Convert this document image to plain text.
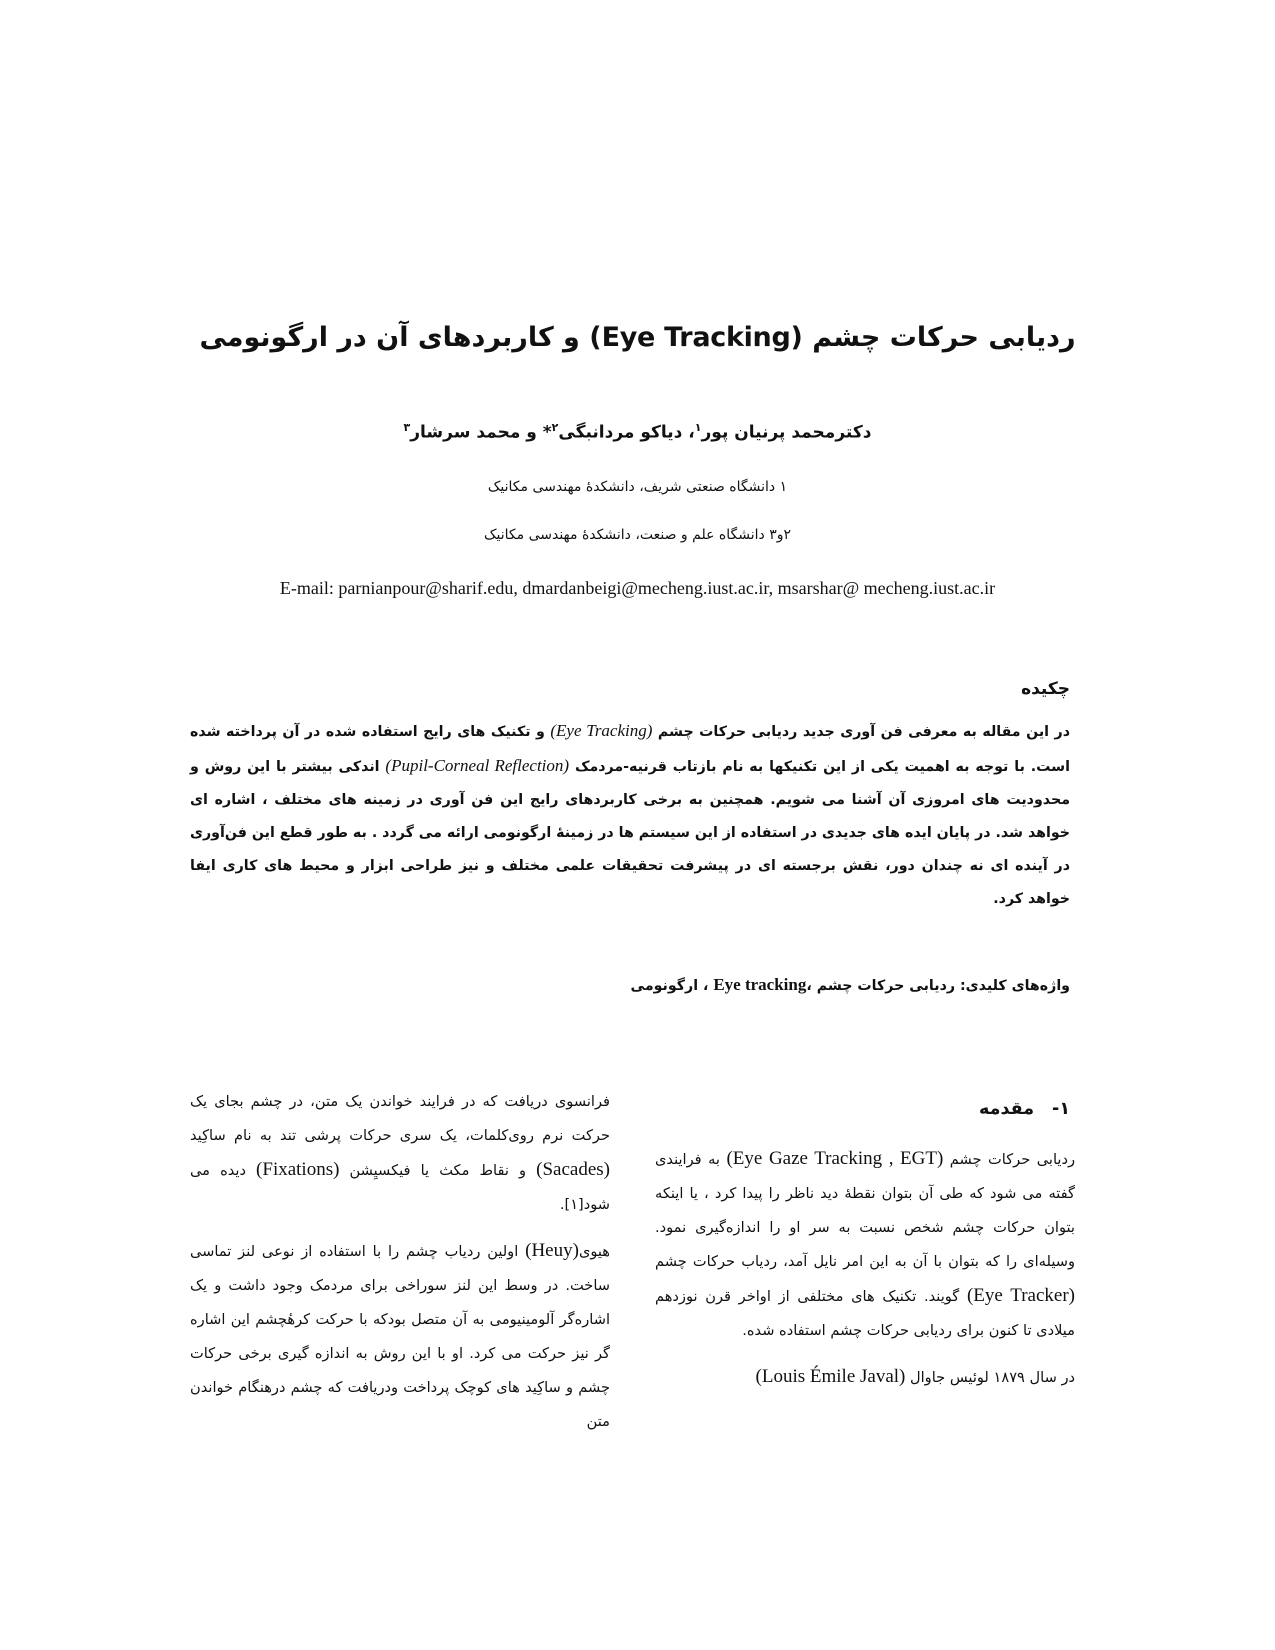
ردیابی حرکات چشم (Eye Tracking) و کاربردهای آن در ارگونومی
دکترمحمد پرنیان پور$^۱$، دیاکو مردانبگی$^۲$* و محمد سرشار$^۳$
۱ دانشگاه صنعتی شریف، دانشکدهٔ مهندسی مکانیک
۲و۳ دانشگاه علم و صنعت، دانشکدهٔ مهندسی مکانیک
E-mail: parnianpour@sharif.edu, dmardanbeigi@mecheng.iust.ac.ir, msarshar@ mecheng.iust.ac.ir
چکیده
در این مقاله به معرفی فن آوری جدید ردیابی حرکات چشم (Eye Tracking) و تکنیک های رایج استفاده شده در آن پرداخته شده است. با توجه به اهمیت یکی از این تکنیکها به نام بازتاب قرنیه-مردمک (Pupil-Corneal Reflection) اندکی بیشتر با این روش و محدودیت های امروزی آن آشنا می شویم. همچنین به برخی کاربردهای رایج این فن آوری در زمینه های مختلف ، اشاره ای خواهد شد. در پایان ایده های جدیدی در استفاده از این سیستم ها در زمینهٔ ارگونومی ارائه می گردد . به طور قطع این فن‌آوری در آینده ای نه چندان دور، نقش برجسته ای در پیشرفت تحقیقات علمی مختلف و نیز طراحی ابزار و محیط های کاری ایفا خواهد کرد.
واژه‌های کلیدی: ردیابی حرکات چشم ،Eye tracking ، ارگونومی
۱-مقدمه

ردیابی حرکات چشم (Eye Gaze Tracking , EGT) به فرایندی گفته می شود که طی آن بتوان نقطهٔ دید ناظر را پیدا کرد ، یا اینکه بتوان حرکات چشم شخص نسبت به سر او را اندازه‌گیری نمود. وسیله‌ای را که بتوان با آن به این امر نایل آمد، ردیاب حرکات چشم (Eye Tracker) گویند. تکنیک های مختلفی از اواخر قرن نوزدهم میلادی تا کنون برای ردیابی حرکات چشم استفاده شده.

در سال ۱۸۷۹ لوئیس جاوال (Louis Émile Javal)

فرانسوی دریافت که در فرایند خواندن یک متن، در چشم بجای یک حرکت نرم روی‌کلمات، یک سری حرکات پرشی تند به نام ساکِید (Sacades) و نقاط مکث یا فیکسیِشن (Fixations) دیده می شود[۱].

هیوی(Heuy) اولین ردیاب چشم را با استفاده از نوعی لنز تماسی ساخت. در وسط این لنز سوراخی برای مردمک وجود داشت و یک اشاره‌گر آلومینیومی به آن متصل بودکه با حرکت کرهٔچشم این اشاره گر نیز حرکت می کرد. او با این روش به اندازه گیری برخی حرکات چشم و ساکِید های کوچک پرداخت ودریافت که چشم درهنگام خواندن متن
